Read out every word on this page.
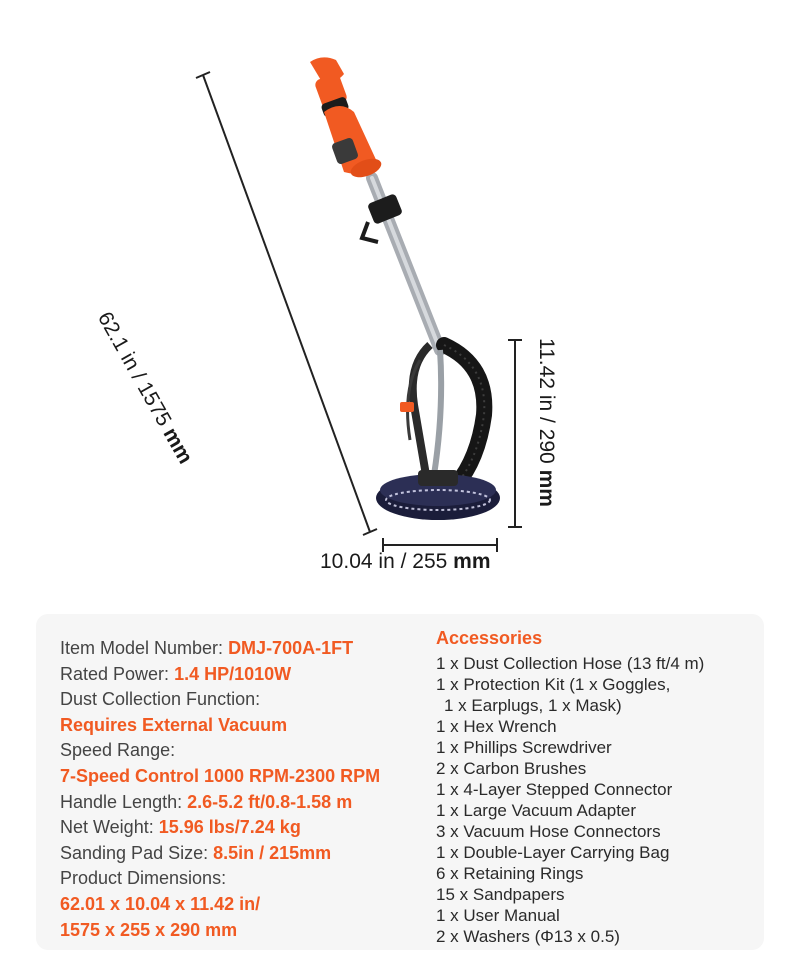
62.1 in / 1575 mm
11.42 in / 290 mm
10.04 in / 255 mm
Item Model Number: DMJ-700A-1FT
Rated Power: 1.4 HP/1010W
Dust Collection Function:
Requires External Vacuum
Speed Range:
7-Speed Control 1000 RPM-2300 RPM
Handle Length: 2.6-5.2 ft/0.8-1.58 m
Net Weight: 15.96 lbs/7.24 kg
Sanding Pad Size: 8.5in / 215mm
Product Dimensions:
62.01 x 10.04 x 11.42 in/
1575 x 255 x 290 mm
Accessories
1 x Dust Collection Hose (13 ft/4 m)
1 x Protection Kit (1 x Goggles,
1 x Earplugs, 1 x Mask)
1 x Hex Wrench
1 x Phillips Screwdriver
2 x Carbon Brushes
1 x 4-Layer Stepped Connector
1 x Large Vacuum Adapter
3 x Vacuum Hose Connectors
1 x Double-Layer Carrying Bag
6 x Retaining Rings
15 x Sandpapers
1 x User Manual
2 x Washers (Φ13 x 0.5)
